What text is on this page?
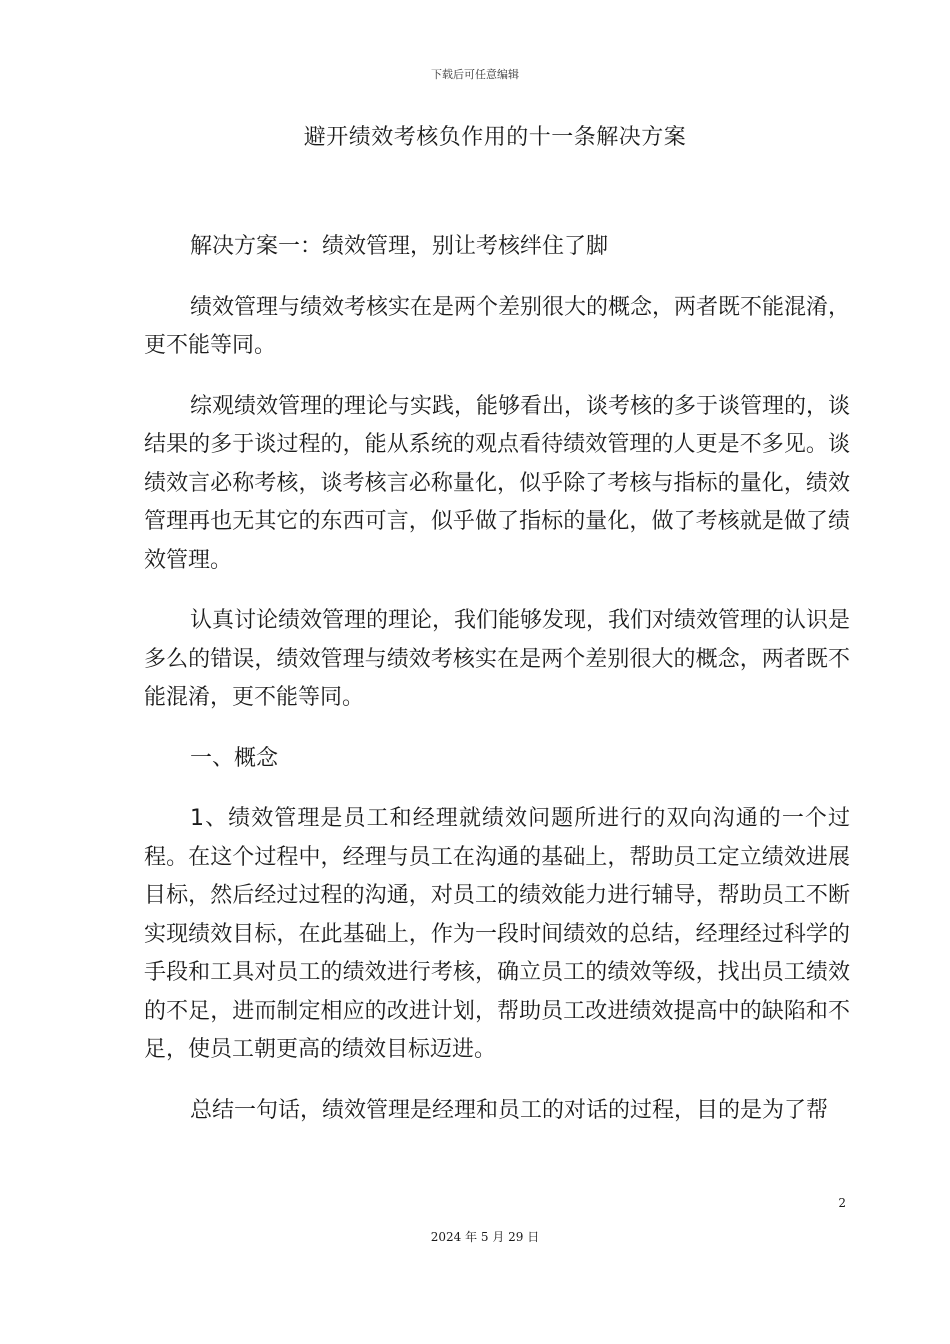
下载后可任意编辑
避开绩效考核负作用的十一条解决方案

解决方案一：绩效管理，别让考核绊住了脚

绩效管理与绩效考核实在是两个差别很大的概念，两者既不能混淆，更不能等同。

综观绩效管理的理论与实践，能够看出，谈考核的多于谈管理的，谈结果的多于谈过程的，能从系统的观点看待绩效管理的人更是不多见。谈绩效言必称考核，谈考核言必称量化，似乎除了考核与指标的量化，绩效管理再也无其它的东西可言，似乎做了指标的量化，做了考核就是做了绩效管理。

认真讨论绩效管理的理论，我们能够发现，我们对绩效管理的认识是多么的错误，绩效管理与绩效考核实在是两个差别很大的概念，两者既不能混淆，更不能等同。

一、概念

1、绩效管理是员工和经理就绩效问题所进行的双向沟通的一个过程。在这个过程中，经理与员工在沟通的基础上，帮助员工定立绩效进展目标，然后经过过程的沟通，对员工的绩效能力进行辅导，帮助员工不断实现绩效目标，在此基础上，作为一段时间绩效的总结，经理经过科学的手段和工具对员工的绩效进行考核，确立员工的绩效等级，找出员工绩效的不足，进而制定相应的改进计划，帮助员工改进绩效提高中的缺陷和不足，使员工朝更高的绩效目标迈进。

总结一句话，绩效管理是经理和员工的对话的过程，目的是为了帮

2
2024 年 5 月 29 日
